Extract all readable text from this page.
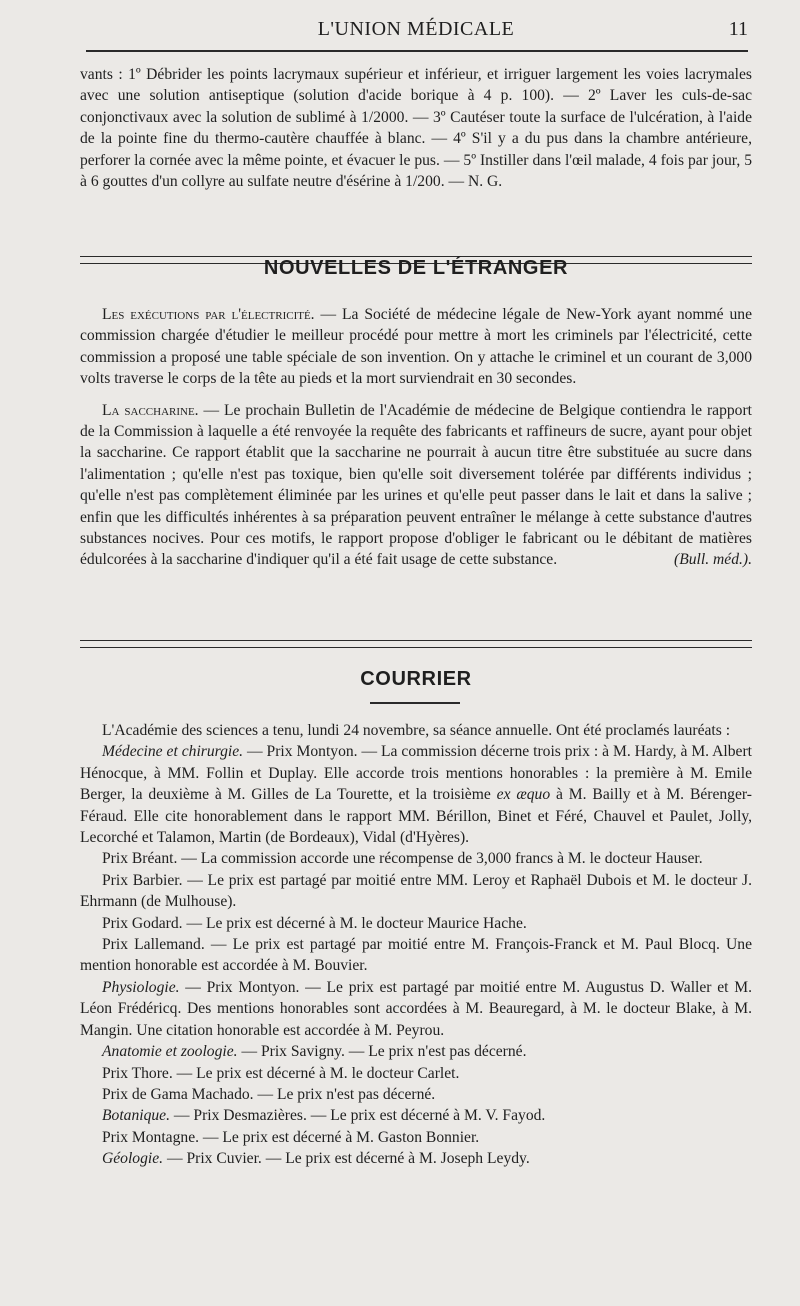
L'UNION MÉDICALE	11

vants : 1º Débrider les points lacrymaux supérieur et inférieur, et irriguer largement les voies lacrymales avec une solution antiseptique (solution d'acide borique à 4 p. 100). — 2º Laver les culs-de-sac conjonctivaux avec la solution de sublimé à 1/2000. — 3º Cautéser toute la surface de l'ulcération, à l'aide de la pointe fine du thermo-cautère chauffée à blanc. — 4º S'il y a du pus dans la chambre antérieure, perforer la cornée avec la même pointe, et évacuer le pus. — 5º Instiller dans l'œil malade, 4 fois par jour, 5 à 6 gouttes d'un collyre au sulfate neutre d'ésérine à 1/200. — N. G.

NOUVELLES DE L'ÉTRANGER

Les exécutions par l'électricité. — La Société de médecine légale de New-York ayant nommé une commission chargée d'étudier le meilleur procédé pour mettre à mort les criminels par l'électricité, cette commission a proposé une table spéciale de son invention. On y attache le criminel et un courant de 3,000 volts traverse le corps de la tête au pieds et la mort surviendrait en 30 secondes.

La saccharine. — Le prochain Bulletin de l'Académie de médecine de Belgique contiendra le rapport de la Commission à laquelle a été renvoyée la requête des fabricants et raffineurs de sucre, ayant pour objet la saccharine. Ce rapport établit que la saccharine ne pourrait à aucun titre être substituée au sucre dans l'alimentation ; qu'elle n'est pas toxique, bien qu'elle soit diversement tolérée par différents individus ; qu'elle n'est pas complètement éliminée par les urines et qu'elle peut passer dans le lait et dans la salive ; enfin que les difficultés inhérentes à sa préparation peuvent entraîner le mélange à cette substance d'autres substances nocives. Pour ces motifs, le rapport propose d'obliger le fabricant ou le débitant de matières édulcorées à la saccharine d'indiquer qu'il a été fait usage de cette substance.	(Bull. méd.).

COURRIER

L'Académie des sciences a tenu, lundi 24 novembre, sa séance annuelle. Ont été proclamés lauréats :

Médecine et chirurgie. — Prix Montyon. — La commission décerne trois prix : à M. Hardy, à M. Albert Hénocque, à MM. Follin et Duplay. Elle accorde trois mentions honorables : la première à M. Emile Berger, la deuxième à M. Gilles de La Tourette, et la troisième ex æquo à M. Bailly et à M. Bérenger-Féraud. Elle cite honorablement dans le rapport MM. Bérillon, Binet et Féré, Chauvel et Paulet, Jolly, Lecorché et Talamon, Martin (de Bordeaux), Vidal (d'Hyères).

Prix Bréant. — La commission accorde une récompense de 3,000 francs à M. le docteur Hauser.

Prix Barbier. — Le prix est partagé par moitié entre MM. Leroy et Raphaël Dubois et M. le docteur J. Ehrmann (de Mulhouse).

Prix Godard. — Le prix est décerné à M. le docteur Maurice Hache.

Prix Lallemand. — Le prix est partagé par moitié entre M. François-Franck et M. Paul Blocq. Une mention honorable est accordée à M. Bouvier.

Physiologie. — Prix Montyon. — Le prix est partagé par moitié entre M. Augustus D. Waller et M. Léon Frédéricq. Des mentions honorables sont accordées à M. Beauregard, à M. le docteur Blake, à M. Mangin. Une citation honorable est accordée à M. Peyrou.

Anatomie et zoologie. — Prix Savigny. — Le prix n'est pas décerné.

Prix Thore. — Le prix est décerné à M. le docteur Carlet.

Prix de Gama Machado. — Le prix n'est pas décerné.

Botanique. — Prix Desmazières. — Le prix est décerné à M. V. Fayod.

Prix Montagne. — Le prix est décerné à M. Gaston Bonnier.

Géologie. — Prix Cuvier. — Le prix est décerné à M. Joseph Leydy.
